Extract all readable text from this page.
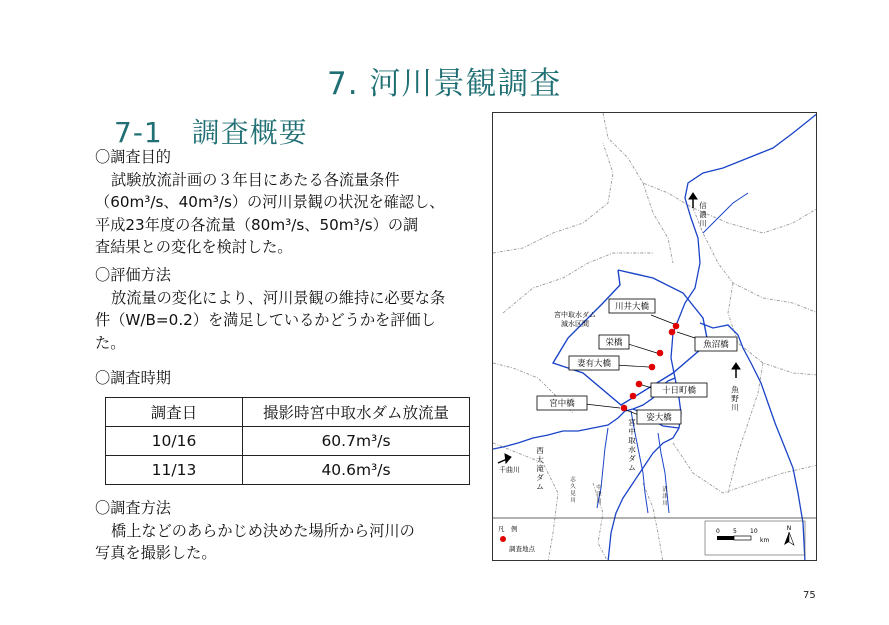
7. 河川景観調査
7-1　調査概要
〇調査目的
試験放流計画の３年目にあたる各流量条件
（60m³/s、40m³/s）の河川景観の状況を確認し、
平成23年度の各流量（80m³/s、50m³/s）の調
査結果との変化を検討した。
〇評価方法
放流量の変化により、河川景観の維持に必要な条
件（W/B=0.2）を満足しているかどうかを評価し
た。
〇調査時期
調査日	撮影時宮中取水ダム放流量
10/16	60.7m³/s
11/13	40.6m³/s
〇調査方法
橋上などのあらかじめ決めた場所から河川の
写真を撮影した。
川井大橋
魚沼橋
栄橋
妻有大橋
十日町橋
宮中橋
姿大橋
宮中取水ダム
減水区間
信
濃
川
魚
野
川
宮
中
取
水
ダ
ム
西
大
滝
ダ
ム	清
津
川
中
津
川
志
久
見
川
千曲川
凡　例
調査地点
0 5 10
km
N
75
